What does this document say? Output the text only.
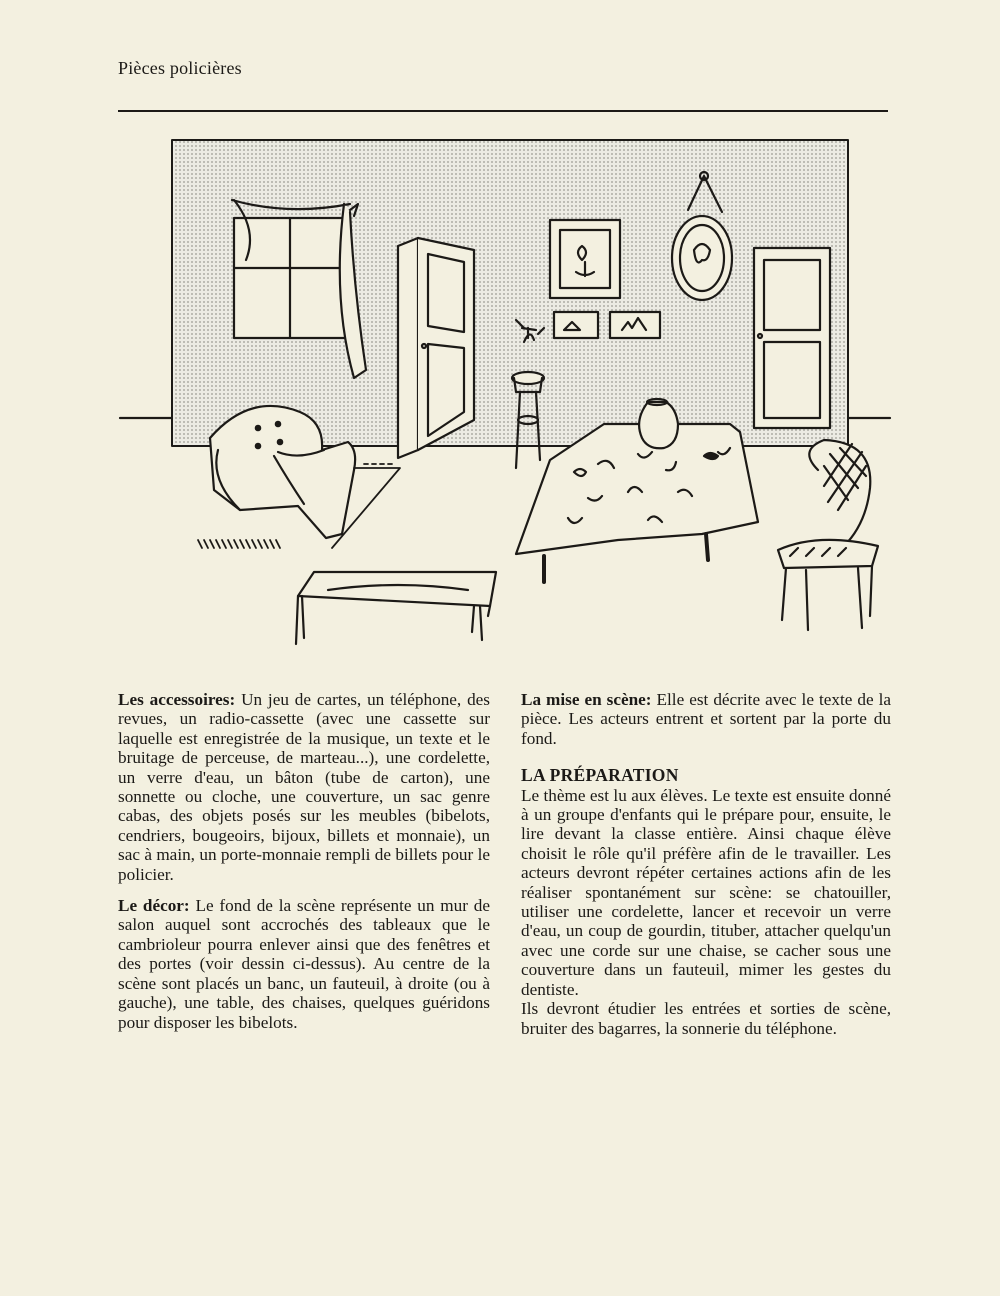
Pièces policières

Les accessoires: Un jeu de cartes, un téléphone, des revues, un radio-cassette (avec une cassette sur laquelle est enregistrée de la musique, un texte et le bruitage de perceuse, de marteau...), une cordelette, un verre d'eau, un bâton (tube de carton), une sonnette ou cloche, une couverture, un sac genre cabas, des objets posés sur les meubles (bibelots, cendriers, bougeoirs, bijoux, billets et monnaie), un sac à main, un porte-monnaie rempli de billets pour le policier.

Le décor: Le fond de la scène représente un mur de salon auquel sont accrochés des tableaux que le cambrioleur pourra enlever ainsi que des fenêtres et des portes (voir dessin ci-dessus). Au centre de la scène sont placés un banc, un fauteuil, à droite (ou à gauche), une table, des chaises, quelques guéridons pour disposer les bibelots.

La mise en scène: Elle est décrite avec le texte de la pièce. Les acteurs entrent et sortent par la porte du fond.

LA PRÉPARATION

Le thème est lu aux élèves. Le texte est ensuite donné à un groupe d'enfants qui le prépare pour, ensuite, le lire devant la classe entière. Ainsi chaque élève choisit le rôle qu'il préfère afin de le travailler. Les acteurs devront répéter certaines actions afin de les réaliser spontanément sur scène: se chatouiller, utiliser une cordelette, lancer et recevoir un verre d'eau, un coup de gourdin, tituber, attacher quelqu'un avec une corde sur une chaise, se cacher sous une couverture dans un fauteuil, mimer les gestes du dentiste.

Ils devront étudier les entrées et sorties de scène, bruiter des bagarres, la sonnerie du téléphone.
